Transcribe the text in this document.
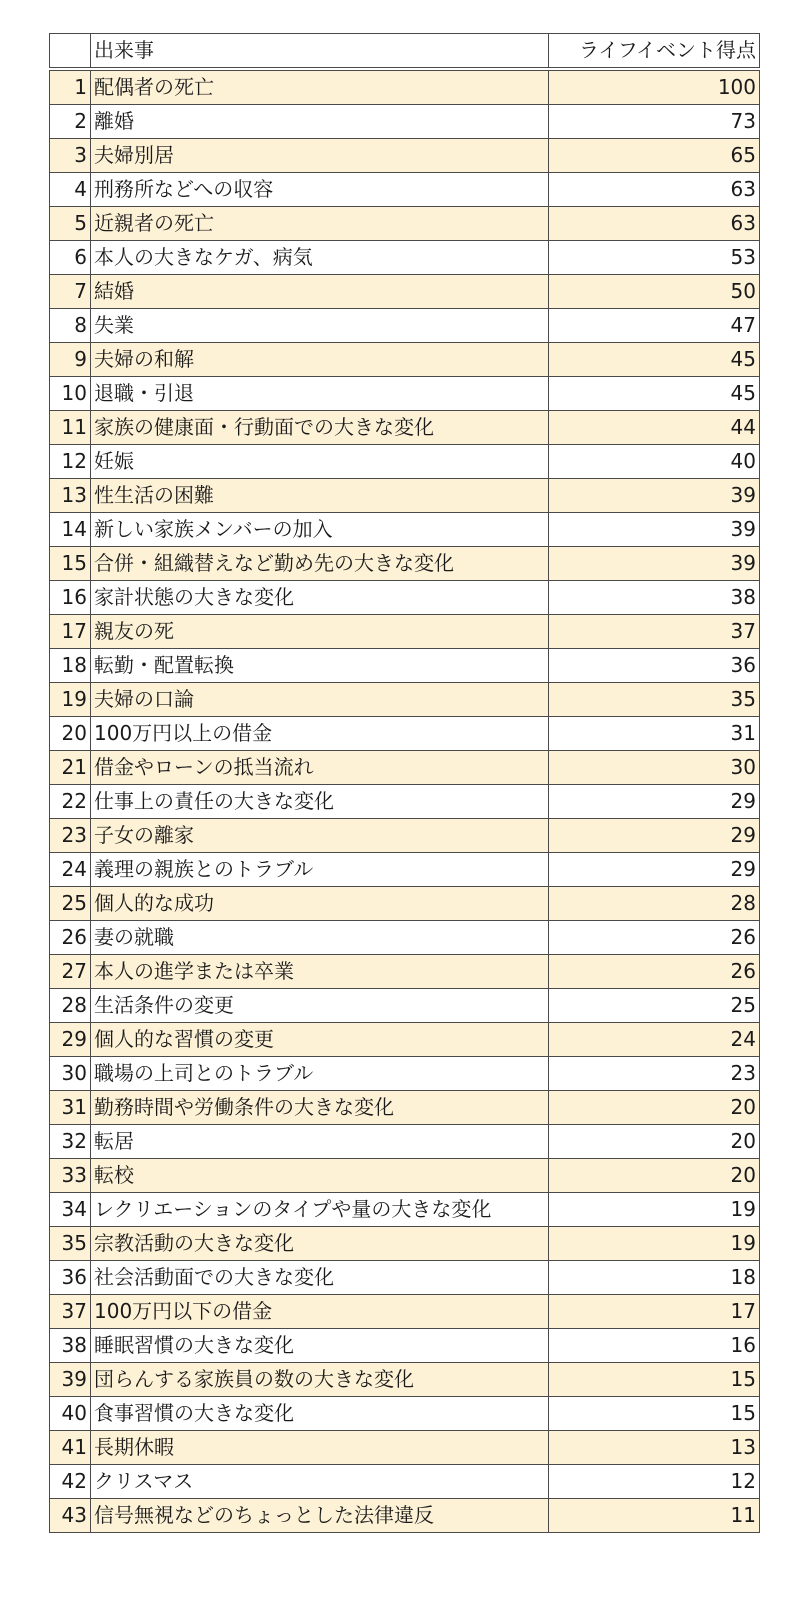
	出来事	ライフイベント得点
1	配偶者の死亡	100
2	離婚	73
3	夫婦別居	65
4	刑務所などへの収容	63
5	近親者の死亡	63
6	本人の大きなケガ、病気	53
7	結婚	50
8	失業	47
9	夫婦の和解	45
10	退職・引退	45
11	家族の健康面・行動面での大きな変化	44
12	妊娠	40
13	性生活の困難	39
14	新しい家族メンバーの加入	39
15	合併・組織替えなど勤め先の大きな変化	39
16	家計状態の大きな変化	38
17	親友の死	37
18	転勤・配置転換	36
19	夫婦の口論	35
20	100万円以上の借金	31
21	借金やローンの抵当流れ	30
22	仕事上の責任の大きな変化	29
23	子女の離家	29
24	義理の親族とのトラブル	29
25	個人的な成功	28
26	妻の就職	26
27	本人の進学または卒業	26
28	生活条件の変更	25
29	個人的な習慣の変更	24
30	職場の上司とのトラブル	23
31	勤務時間や労働条件の大きな変化	20
32	転居	20
33	転校	20
34	レクリエーションのタイプや量の大きな変化	19
35	宗教活動の大きな変化	19
36	社会活動面での大きな変化	18
37	100万円以下の借金	17
38	睡眠習慣の大きな変化	16
39	団らんする家族員の数の大きな変化	15
40	食事習慣の大きな変化	15
41	長期休暇	13
42	クリスマス	12
43	信号無視などのちょっとした法律違反	11
